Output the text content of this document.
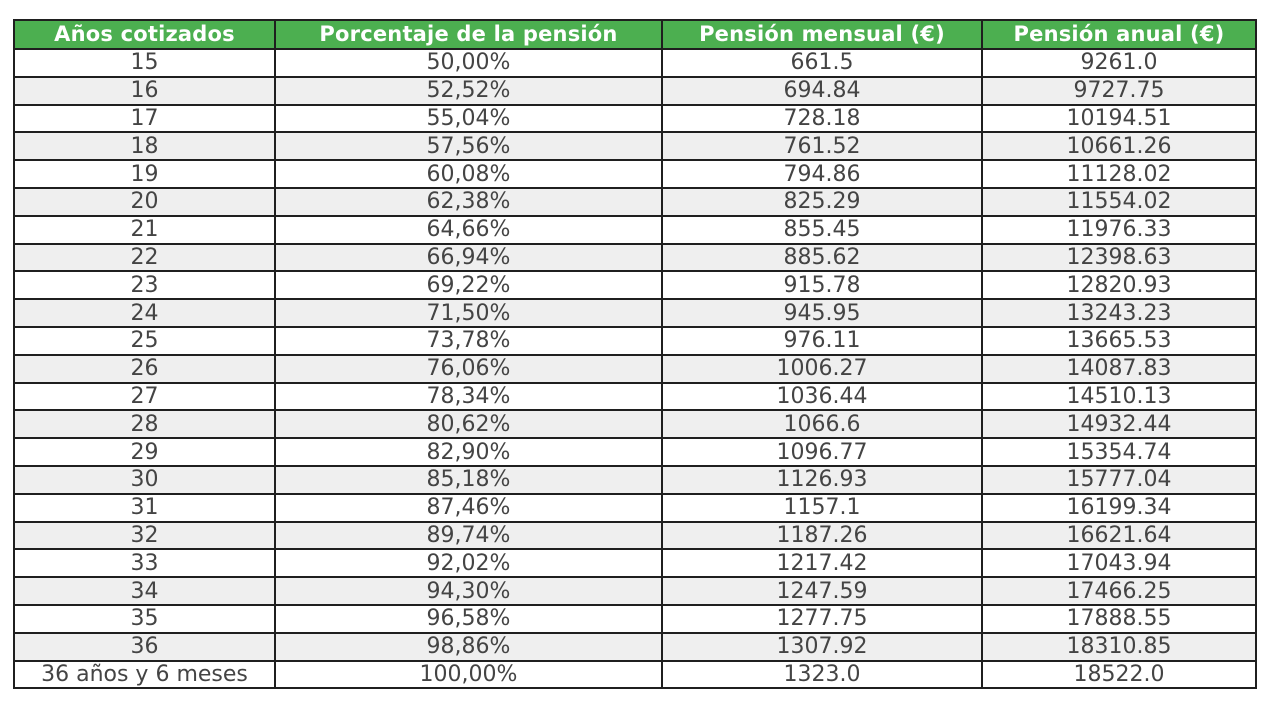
Años cotizados	Porcentaje de la pensión	Pensión mensual (€)	Pensión anual (€)
15	50,00%	661.5	9261.0
16	52,52%	694.84	9727.75
17	55,04%	728.18	10194.51
18	57,56%	761.52	10661.26
19	60,08%	794.86	11128.02
20	62,38%	825.29	11554.02
21	64,66%	855.45	11976.33
22	66,94%	885.62	12398.63
23	69,22%	915.78	12820.93
24	71,50%	945.95	13243.23
25	73,78%	976.11	13665.53
26	76,06%	1006.27	14087.83
27	78,34%	1036.44	14510.13
28	80,62%	1066.6	14932.44
29	82,90%	1096.77	15354.74
30	85,18%	1126.93	15777.04
31	87,46%	1157.1	16199.34
32	89,74%	1187.26	16621.64
33	92,02%	1217.42	17043.94
34	94,30%	1247.59	17466.25
35	96,58%	1277.75	17888.55
36	98,86%	1307.92	18310.85
36 años y 6 meses	100,00%	1323.0	18522.0
